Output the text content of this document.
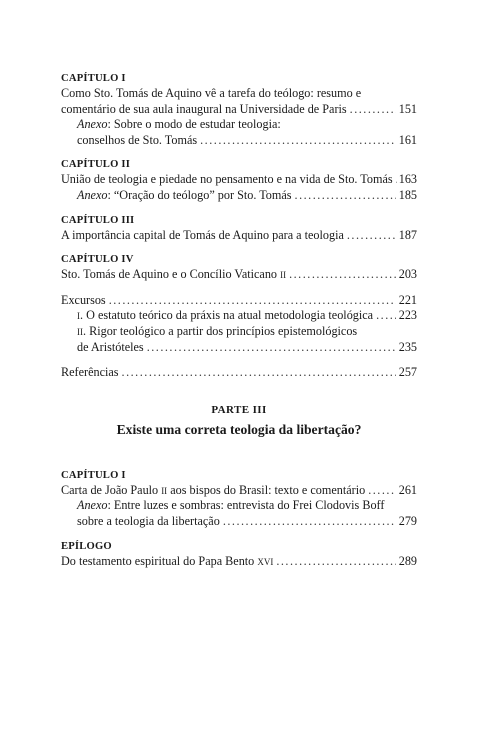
CAPÍTULO I
Como Sto. Tomás de Aquino vê a tarefa do teólogo: resumo e
comentário de sua aula inaugural na Universidade de Paris .....	151
Anexo: Sobre o modo de estudar teologia:
conselhos de Sto. Tomás .....	161
CAPÍTULO II
União de teologia e piedade no pensamento e na vida de Sto. Tomás ..... 163
Anexo: “Oração do teólogo” por Sto. Tomás .....	185
CAPÍTULO III
A importância capital de Tomás de Aquino para a teologia .....	187
CAPÍTULO IV
Sto. Tomás de Aquino e o Concílio Vaticano ii .....	203
Excursos .....	221
i. O estatuto teórico da práxis na atual metodologia teológica ..... 223
ii. Rigor teológico a partir dos princípios epistemológicos
de Aristóteles .....	235
Referências .....	257
PARTE III
Existe uma correta teologia da libertação?
CAPÍTULO I
Carta de João Paulo ii aos bispos do Brasil: texto e comentário .....	261
Anexo: Entre luzes e sombras: entrevista do Frei Clodovis Boff
sobre a teologia da libertação .....	279
EPÍLOGO
Do testamento espiritual do Papa Bento xvi .....	289
